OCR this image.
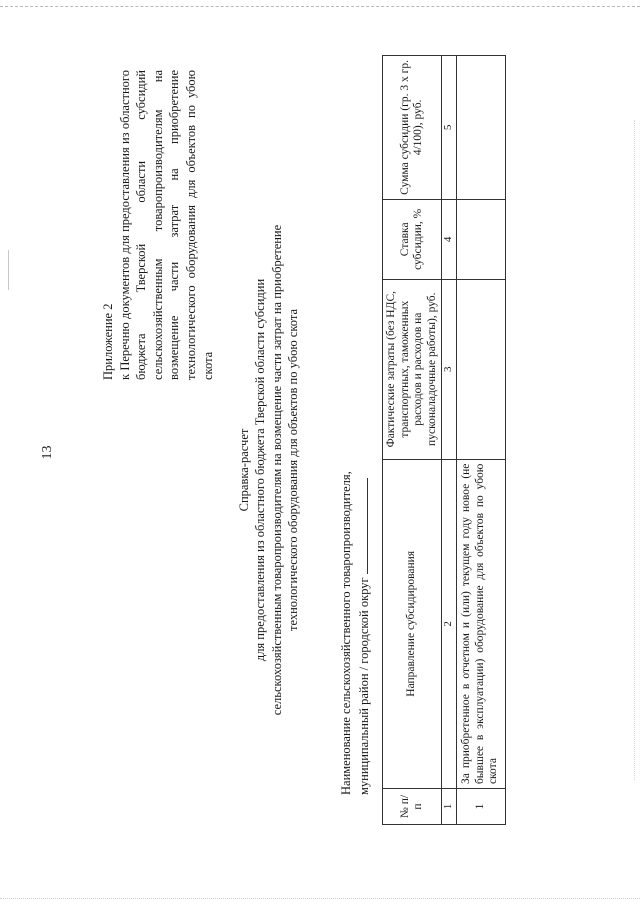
13

Приложение 2 к Перечню документов для предоставления из областного бюджета Тверской области субсидий сельскохозяйственным товаропроизводителям на возмещение части затрат на приобретение технологического оборудования для объектов по убою скота

Справка-расчет для предоставления из областного бюджета Тверской области субсидии сельскохозяйственным товаропроизводителям на возмещение части затрат на приобретение технологического оборудования для объектов по убою скота

Наименование сельскохозяйственного товаропроизводителя, муниципальный район / городской округ

№ п/п	Направление субсидирования	Фактические затраты (без НДС, транспортных, таможенных расходов и расходов на пусконаладочные работы), руб.	Ставка субсидии, %	Сумма субсидии (гр. 3 х гр. 4/100), руб.
1	2	3	4	5
1	За приобретенное в отчетном и (или) текущем году новое (не бывшее в эксплуатации) оборудование для объектов по убою скота			
